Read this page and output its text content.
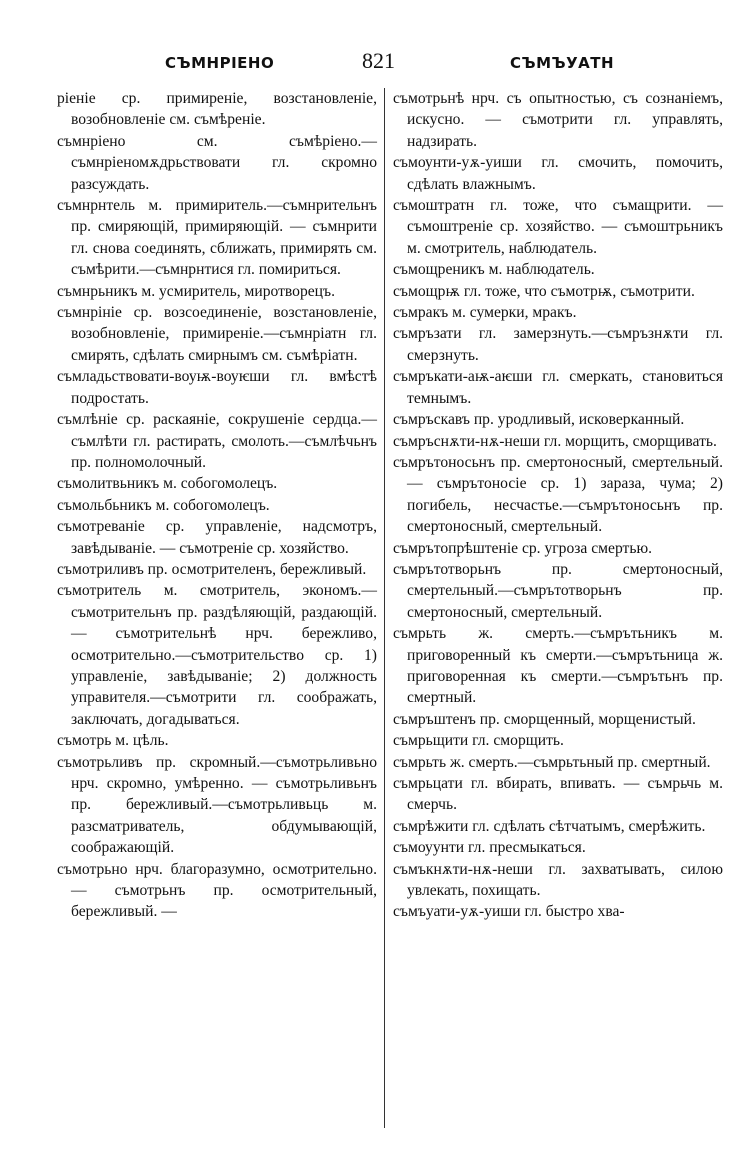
СЪМНРІЕНО	821	СЪМЪУАТН
ріеніе ср. примиреніе, возстановленіе, возобновленіе см. съмѣреніе.
съмнріено см. съмѣріено.—съмнріеномѫдрьствовати гл. скромно разсуждать.
съмнрнтель м. примиритель.—съмнрительнъ пр. смиряющій, примиряющій. — съмнрити гл. снова соединять, сближать, примирять см. съмѣрити.—съмнрнтися гл. помириться.
съмнрьникъ м. усмиритель, миротворецъ.
съмнрініе ср. возсоединеніе, возстановленіе, возобновленіе, примиреніе.—съмнріатн гл. смирять, сдѣлать смирнымъ см. съмѣріатн.
съмладьствовати-воуѭ-воуѥши гл. вмѣстѣ подростать.
съмлѣніе ср. раскаяніе, сокрушеніе сердца.—съмлѣти гл. растирать, смолоть.—съмлѣчьнъ пр. полномолочный.
съмолитвьникъ м. собогомолецъ.
съмольбьникъ м. собогомолецъ.
съмотреваніе ср. управленіе, надсмотръ, завѣдываніе. — съмотреніе ср. хозяйство.
съмотриливъ пр. осмотрителенъ, бережливый.
съмотритель м. смотритель, экономъ.—съмотрительнъ пр. раздѣляющій, раздающій. — съмотрительнѣ нрч. бережливо, осмотрительно.—съмотрительство ср. 1) управленіе, завѣдываніе; 2) должность управителя.—съмотрити гл. соображать, заключать, догадываться.
съмотрь м. цѣль.
съмотрьливъ пр. скромный.—съмотрьливьно нрч. скромно, умѣренно. — съмотрьливьнъ пр. бережливый.—съмотрьливьць м. разсматриватель, обдумывающій, соображающій.
съмотрьно нрч. благоразумно, осмотрительно. — съмотрьнъ пр. осмотрительный, бережливый. —
съмотрьнѣ нрч. съ опытностью, съ сознаніемъ, искусно. — съмотрити гл. управлять, надзирать.
съмоунти-уѫ-уиши гл. смочить, помочить, сдѣлать влажнымъ.
съмоштратн гл. тоже, что съмащрити. — съмоштреніе ср. хозяйство. — съмоштрьникъ м. смотритель, наблюдатель.
съмощреникъ м. наблюдатель.
съмощрѭ гл. тоже, что съмотрѭ, съмотрити.
съмракъ м. сумерки, мракъ.
съмръзати гл. замерзнуть.—съмръзнѫти гл. смерзнуть.
съмръкати-аѭ-аѥши гл. смеркать, становиться темнымъ.
съмръскавъ пр. уродливый, исковерканный.
съмръснѫти-нѫ-неши гл. морщить, сморщивать.
съмрътоносьнъ пр. смертоносный, смертельный. — съмрътоносіе ср. 1) зараза, чума; 2) погибель, несчастье.—съмрътоносьнъ пр. смертоносный, смертельный.
съмрътопрѣштеніе ср. угроза смертью.
съмрътотворьнъ пр. смертоносный, смертельный.—съмрътотворьнъ пр. смертоносный, смертельный.
съмрьть ж. смерть.—съмрътьникъ м. приговоренный къ смерти.—съмрътьница ж. приговоренная къ смерти.—съмрътьнъ пр. смертный.
съмръштенъ пр. сморщенный, морщенистый.
съмрьщити гл. сморщить.
съмрьть ж. смерть.—съмрьтьный пр. смертный.
съмрьцати гл. вбирать, впивать. — съмрьчь м. смерчь.
съмрѣжити гл. сдѣлать сѣтчатымъ, смерѣжить.
съмоуунти гл. пресмыкаться.
съмъкнѫти-нѫ-неши гл. захватывать, силою увлекать, похищать.
съмъуати-уѫ-уиши гл. быстро хва-
